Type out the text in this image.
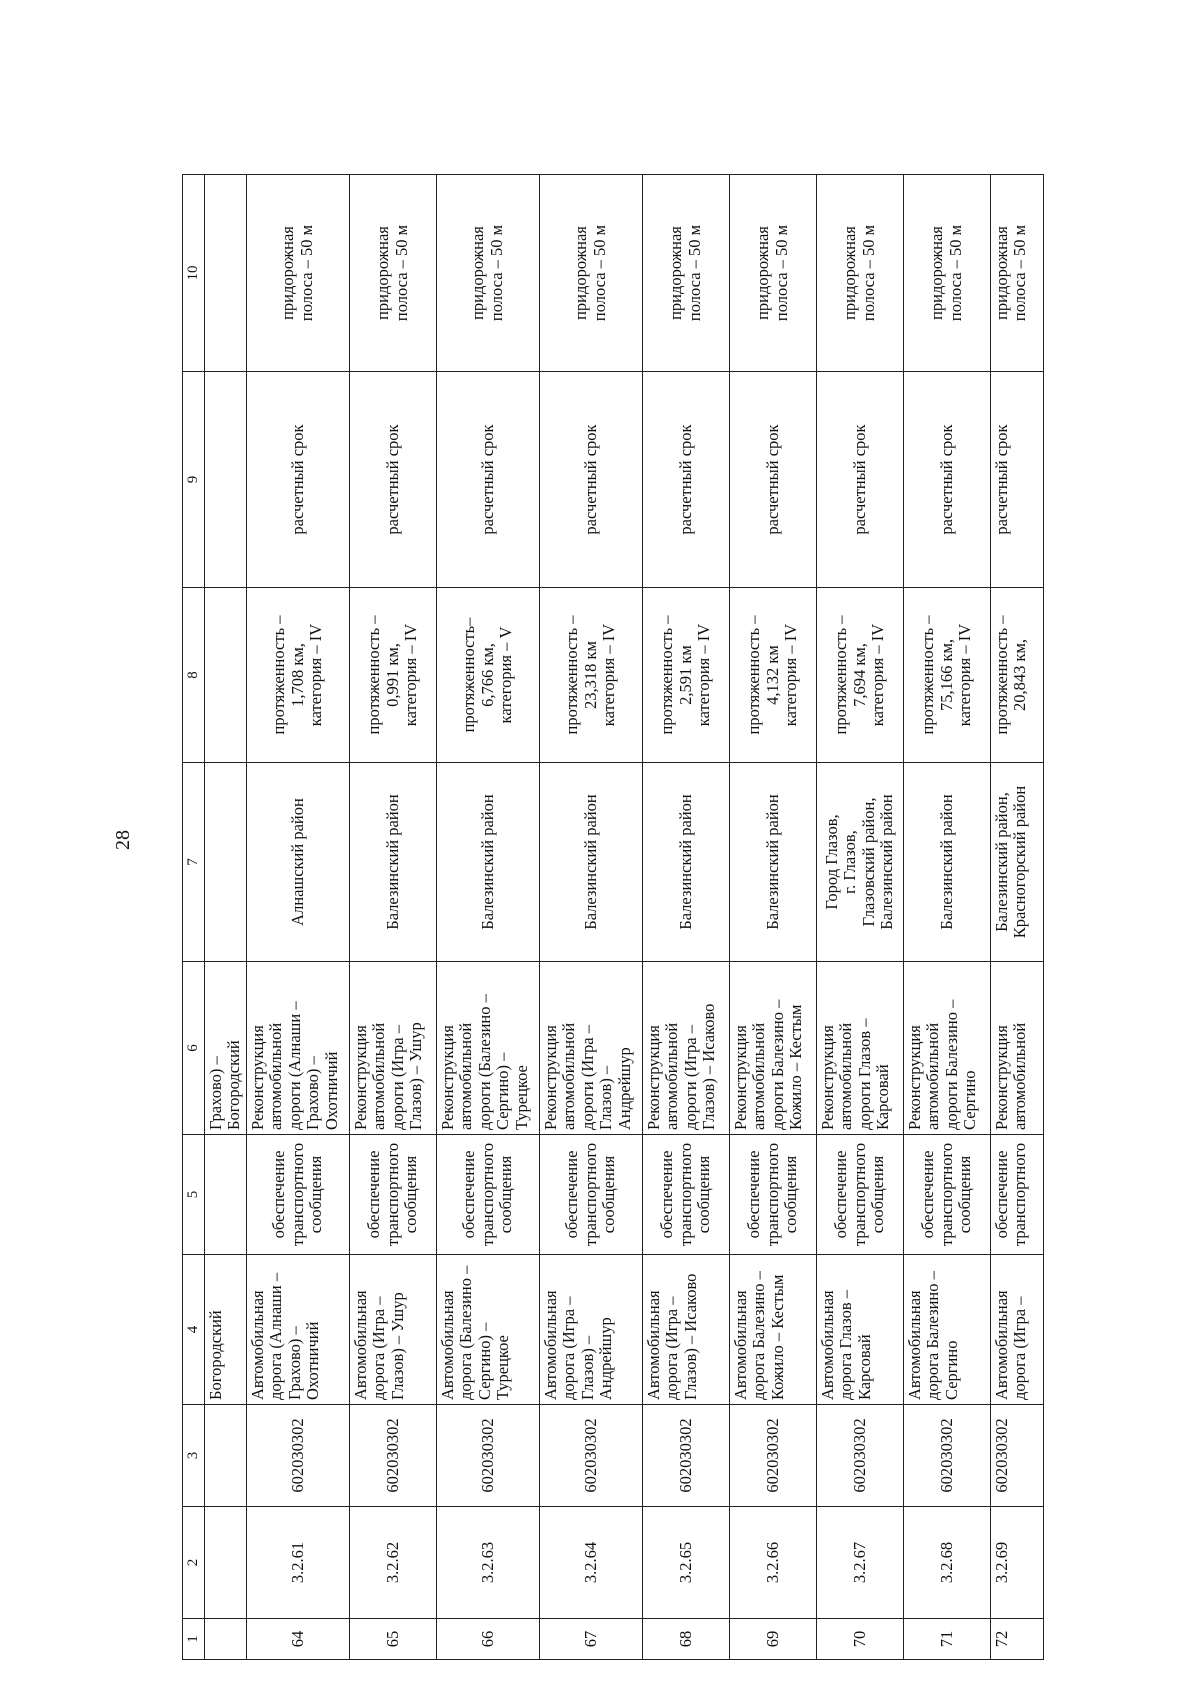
28
1	2	3	4	5	6	7	8	9	10
			Богородский		Грахово) –
Богородский				
64	3.2.61	602030302	Автомобильная
дорога (Алнаши –
Грахово) –
Охотничий	обеспечение
транспортного
сообщения	Реконструкция
автомобильной
дороги (Алнаши –
Грахово) –
Охотничий	Алнашский район	протяженность –
1,708 км,
категория – IV	расчетный срок	придорожная
полоса – 50 м
65	3.2.62	602030302	Автомобильная
дорога (Игра –
Глазов) – Ушур	обеспечение
транспортного
сообщения	Реконструкция
автомобильной
дороги (Игра –
Глазов) – Ушур	Балезинский район	протяженность –
0,991 км,
категория – IV	расчетный срок	придорожная
полоса – 50 м
66	3.2.63	602030302	Автомобильная
дорога (Балезино –
Сергино) –Турецкое	обеспечение
транспортного
сообщения	Реконструкция
автомобильной
дороги (Балезино –
Сергино) –
Турецкое	Балезинский район	протяженность–
6,766 км,
категория – V	расчетный срок	придорожная
полоса – 50 м
67	3.2.64	602030302	Автомобильная
дорога (Игра –
Глазов) –
Андрейшур	обеспечение
транспортного
сообщения	Реконструкция
автомобильной
дороги (Игра –
Глазов) –
Андрейшур	Балезинский район	протяженность –
23,318 км
категория – IV	расчетный срок	придорожная
полоса – 50 м
68	3.2.65	602030302	Автомобильная
дорога (Игра –
Глазов) – Исаково	обеспечение
транспортного
сообщения	Реконструкция
автомобильной
дороги (Игра –
Глазов) – Исаково	Балезинский район	протяженность –
2,591 км
категория – IV	расчетный срок	придорожная
полоса – 50 м
69	3.2.66	602030302	Автомобильная
дорога Балезино –
Кожило – Кестым	обеспечение
транспортного
сообщения	Реконструкция
автомобильной
дороги Балезино –
Кожило – Кестым	Балезинский район	протяженность –
4,132 км
категория – IV	расчетный срок	придорожная
полоса – 50 м
70	3.2.67	602030302	Автомобильная
дорога Глазов –
Карсовай	обеспечение
транспортного
сообщения	Реконструкция
автомобильной
дороги Глазов –
Карсовай	Город Глазов,
г. Глазов,
Глазовский район,
Балезинский район	протяженность –
7,694 км,
категория – IV	расчетный срок	придорожная
полоса – 50 м
71	3.2.68	602030302	Автомобильная
дорога Балезино –
Сергино	обеспечение
транспортного
сообщения	Реконструкция
автомобильной
дороги Балезино –
Сергино	Балезинский район	протяженность –
75,166 км,
категория – IV	расчетный срок	придорожная
полоса – 50 м
72	3.2.69	602030302	Автомобильная
дорога (Игра –	обеспечение
транспортного	Реконструкция
автомобильной	Балезинский район,
Красногорский район	протяженность –
20,843 км,	расчетный срок	придорожная
полоса – 50 м
